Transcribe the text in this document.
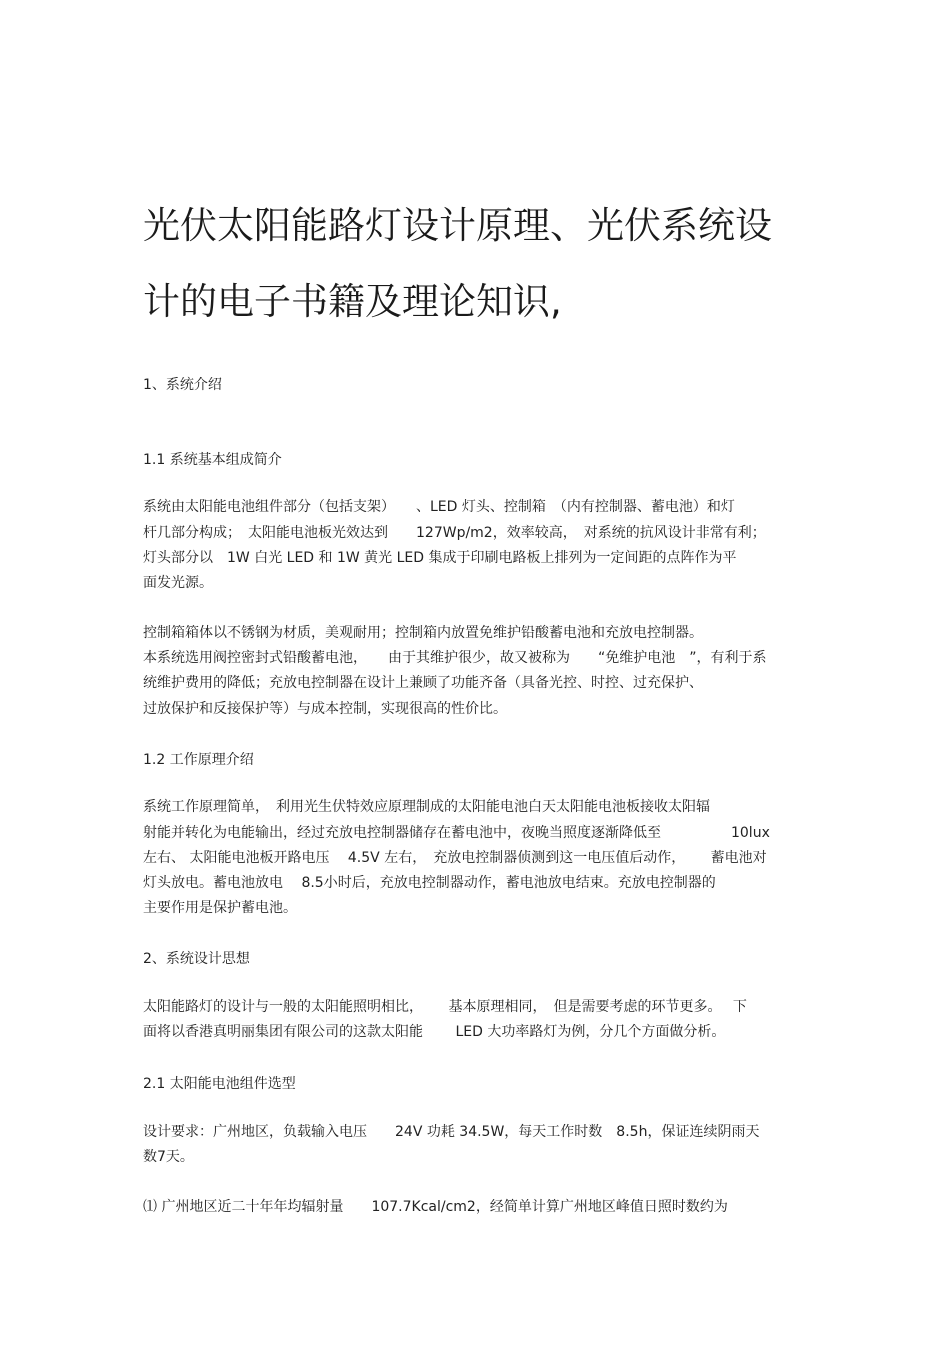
光伏太阳能路灯设计原理、光伏系统设
计的电子书籍及理论知识,
1、系统介绍
1.1 系统基本组成简介
系统由太阳能电池组件部分（包括支架）　　、LED 灯头、控制箱　（内有控制器、蓄电池）和灯
杆几部分构成；　太阳能电池板光效达到　　127Wp/m2，效率较高，　对系统的抗风设计非常有利；
灯头部分以　1W 白光 LED 和 1W 黄光 LED 集成于印刷电路板上排列为一定间距的点阵作为平
面发光源。
控制箱箱体以不锈钢为材质，美观耐用；控制箱内放置免维护铅酸蓄电池和充放电控制器。
本系统选用阀控密封式铅酸蓄电池，　　由于其维护很少，故又被称为　　“免维护电池　”，有利于系
统维护费用的降低；充放电控制器在设计上兼顾了功能齐备（具备光控、时控、过充保护、
过放保护和反接保护等）与成本控制，实现很高的性价比。
1.2 工作原理介绍
系统工作原理简单，　利用光生伏特效应原理制成的太阳能电池白天太阳能电池板接收太阳辐
射能并转化为电能输出，经过充放电控制器储存在蓄电池中，夜晚当照度逐渐降低至　　　　　10lux
左右、 太阳能电池板开路电压　 4.5V 左右，　充放电控制器侦测到这一电压值后动作，　　 蓄电池对
灯头放电。蓄电池放电　 8.5小时后，充放电控制器动作，蓄电池放电结束。充放电控制器的
主要作用是保护蓄电池。
2、系统设计思想
太阳能路灯的设计与一般的太阳能照明相比，　　 基本原理相同，　但是需要考虑的环节更多。　 下
面将以香港真明丽集团有限公司的这款太阳能　　 LED 大功率路灯为例，分几个方面做分析。
2.1 太阳能电池组件选型
设计要求：广州地区，负载输入电压　　24V 功耗 34.5W，每天工作时数　8.5h，保证连续阴雨天
数7天。
⑴ 广州地区近二十年年均辐射量　　107.7Kcal/cm2，经简单计算广州地区峰值日照时数约为
